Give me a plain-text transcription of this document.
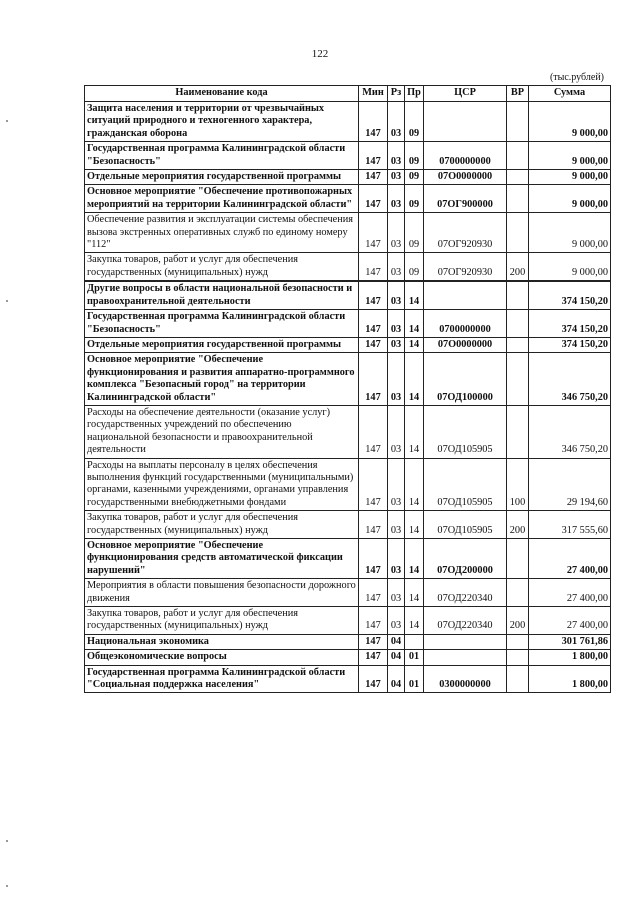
122
(тыс.рублей)
Наименование кода	Мин	Рз	Пр	ЦСР	ВР	Сумма
Защита населения и территории от чрезвычайных ситуаций природного и техногенного характера, гражданская оборона	147	03	09			9 000,00
Государственная программа Калининградской области "Безопасность"	147	03	09	0700000000		9 000,00
Отдельные мероприятия государственной программы	147	03	09	07О0000000		9 000,00
Основное мероприятие "Обеспечение противопожарных мероприятий на территории Калининградской области"	147	03	09	07ОГ900000		9 000,00
Обеспечение развития и эксплуатации системы обеспечения вызова экстренных оперативных служб по единому номеру "112"	147	03	09	07ОГ920930		9 000,00
Закупка товаров, работ и услуг для обеспечения государственных (муниципальных) нужд	147	03	09	07ОГ920930	200	9 000,00
Другие вопросы в области национальной безопасности и правоохранительной деятельности	147	03	14			374 150,20
Государственная программа Калининградской области "Безопасность"	147	03	14	0700000000		374 150,20
Отдельные мероприятия государственной программы	147	03	14	07О0000000		374 150,20
Основное мероприятие "Обеспечение функционирования и развития аппаратно-программного комплекса "Безопасный город" на территории Калининградской области"	147	03	14	07ОД100000		346 750,20
Расходы на обеспечение деятельности (оказание услуг) государственных учреждений по обеспечению национальной безопасности и правоохранительной деятельности	147	03	14	07ОД105905		346 750,20
Расходы на выплаты персоналу в целях обеспечения выполнения функций государственными (муниципальными) органами, казенными учреждениями, органами управления государственными внебюджетными фондами	147	03	14	07ОД105905	100	29 194,60
Закупка товаров, работ и услуг для обеспечения государственных (муниципальных) нужд	147	03	14	07ОД105905	200	317 555,60
Основное мероприятие "Обеспечение функционирования средств автоматической фиксации нарушений"	147	03	14	07ОД200000		27 400,00
Мероприятия в области повышения безопасности дорожного движения	147	03	14	07ОД220340		27 400,00
Закупка товаров, работ и услуг для обеспечения государственных (муниципальных) нужд	147	03	14	07ОД220340	200	27 400,00
Национальная экономика	147	04				301 761,86
Общеэкономические вопросы	147	04	01			1 800,00
Государственная программа Калининградской области "Социальная поддержка населения"	147	04	01	0300000000		1 800,00
